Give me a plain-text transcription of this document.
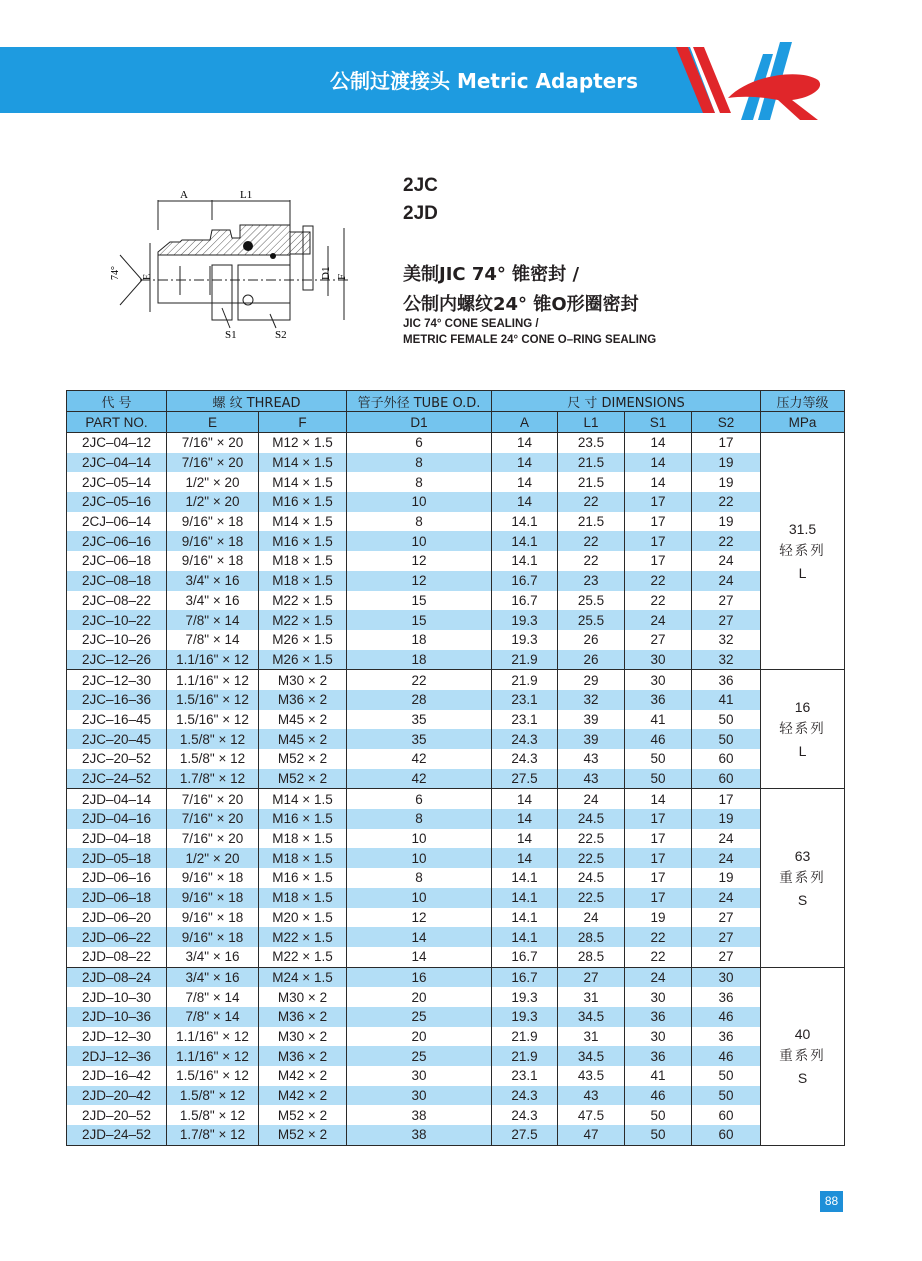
公制过渡接头 Metric Adapters
A	L1
74° E	D1 F
S1	S2
2JC
2JD
美制JIC 74° 锥密封 /
公制内螺纹24° 锥O形圈密封
JIC 74° CONE SEALING /
METRIC FEMALE 24° CONE O–RING SEALING
代 号	螺 纹 THREAD		管子外径 TUBE O.D.	尺 寸 DIMENSIONS				压力等级
PART NO.	E	F	D1	A	L1	S1	S2	MPa
2JC–04–12	7/16" × 20	M12 × 1.5	6	14	23.5	14	17	31.5
轻系列
L

2JC–04–14	7/16" × 20	M14 × 1.5	8	14	21.5	14	19	
2JC–05–14	1/2" × 20	M14 × 1.5	8	14	21.5	14	19	
2JC–05–16	1/2" × 20	M16 × 1.5	10	14	22	17	22	
2CJ–06–14	9/16" × 18	M14 × 1.5	8	14.1	21.5	17	19	
2JC–06–16	9/16" × 18	M16 × 1.5	10	14.1	22	17	22	
2JC–06–18	9/16" × 18	M18 × 1.5	12	14.1	22	17	24	
2JC–08–18	3/4" × 16	M18 × 1.5	12	16.7	23	22	24	
2JC–08–22	3/4" × 16	M22 × 1.5	15	16.7	25.5	22	27	
2JC–10–22	7/8" × 14	M22 × 1.5	15	19.3	25.5	24	27	
2JC–10–26	7/8" × 14	M26 × 1.5	18	19.3	26	27	32	
2JC–12–26	1.1/16" × 12	M26 × 1.5	18	21.9	26	30	32	
2JC–12–30	1.1/16" × 12	M30 × 2	22	21.9	29	30	36	16
轻系列
L

2JC–16–36	1.5/16" × 12	M36 × 2	28	23.1	32	36	41	
2JC–16–45	1.5/16" × 12	M45 × 2	35	23.1	39	41	50	
2JC–20–45	1.5/8" × 12	M45 × 2	35	24.3	39	46	50	
2JC–20–52	1.5/8" × 12	M52 × 2	42	24.3	43	50	60	
2JC–24–52	1.7/8" × 12	M52 × 2	42	27.5	43	50	60	
2JD–04–14	7/16" × 20	M14 × 1.5	6	14	24	14	17	63
重系列
S

2JD–04–16	7/16" × 20	M16 × 1.5	8	14	24.5	17	19	
2JD–04–18	7/16" × 20	M18 × 1.5	10	14	22.5	17	24	
2JD–05–18	1/2" × 20	M18 × 1.5	10	14	22.5	17	24	
2JD–06–16	9/16" × 18	M16 × 1.5	8	14.1	24.5	17	19	
2JD–06–18	9/16" × 18	M18 × 1.5	10	14.1	22.5	17	24	
2JD–06–20	9/16" × 18	M20 × 1.5	12	14.1	24	19	27	
2JD–06–22	9/16" × 18	M22 × 1.5	14	14.1	28.5	22	27	
2JD–08–22	3/4" × 16	M22 × 1.5	14	16.7	28.5	22	27	
2JD–08–24	3/4" × 16	M24 × 1.5	16	16.7	27	24	30	40
重系列
S

2JD–10–30	7/8" × 14	M30 × 2	20	19.3	31	30	36	
2JD–10–36	7/8" × 14	M36 × 2	25	19.3	34.5	36	46	
2JD–12–30	1.1/16" × 12	M30 × 2	20	21.9	31	30	36	
2DJ–12–36	1.1/16" × 12	M36 × 2	25	21.9	34.5	36	46	
2JD–16–42	1.5/16" × 12	M42 × 2	30	23.1	43.5	41	50	
2JD–20–42	1.5/8" × 12	M42 × 2	30	24.3	43	46	50	
2JD–20–52	1.5/8" × 12	M52 × 2	38	24.3	47.5	50	60	
2JD–24–52	1.7/8" × 12	M52 × 2	38	27.5	47	50	60	
88
